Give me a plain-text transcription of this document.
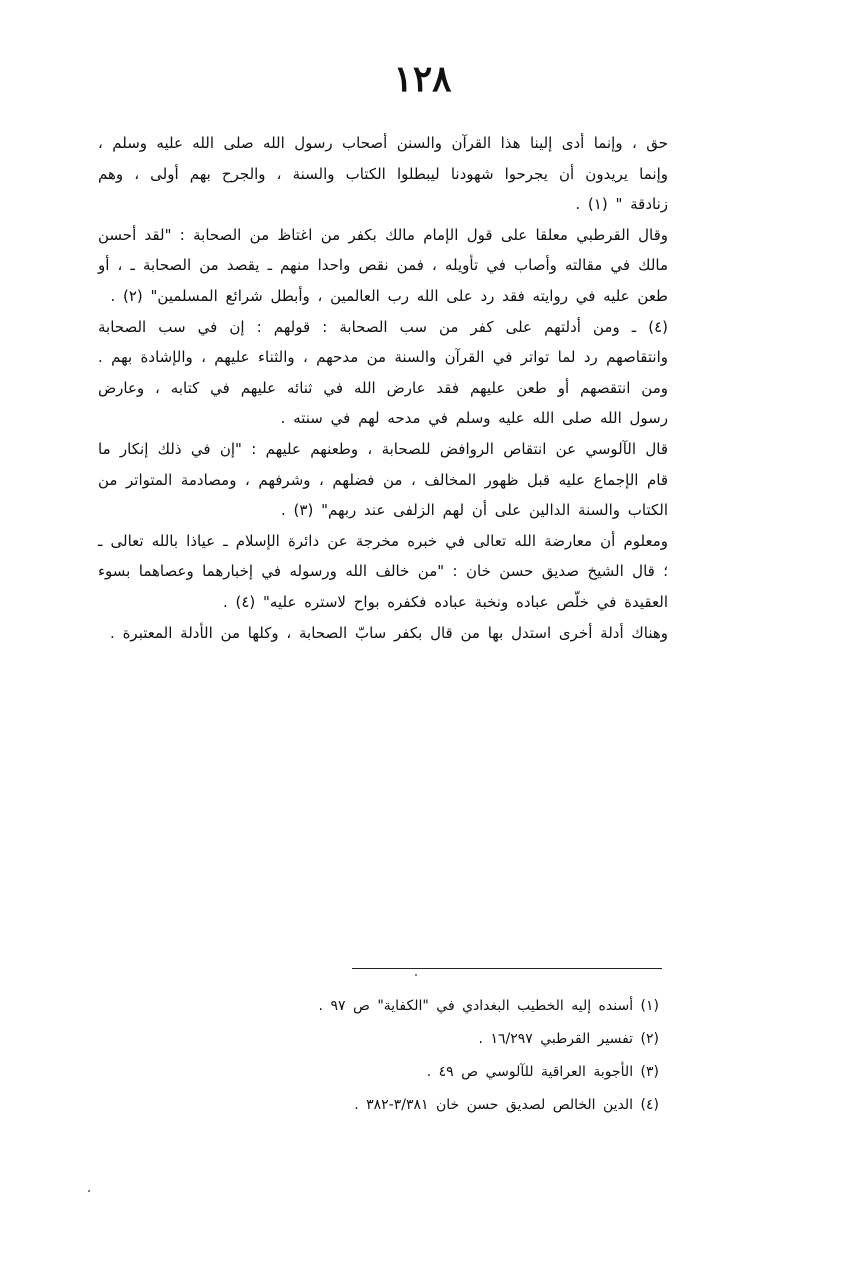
١٢٨

حق ، وإنما أدى إلينا هذا القرآن والسنن أصحاب رسول الله صلى الله عليه وسلم ، وإنما يريدون أن يجرحوا شهودنا ليبطلوا الكتاب والسنة ، والجرح بهم أولى ، وهم زنادقة " (١) .

وقال القرطبي معلقا على قول الإمام مالك بكفر من اغتاظ من الصحابة : "لقد أحسن مالك في مقالته وأصاب في تأويله ، فمن نقص واحدا منهم ـ يقصد من الصحابة ـ ، أو طعن عليه في روايته فقد رد على الله رب العالمين ، وأبطل شرائع المسلمين" (٢) .

(٤) ـ ومن أدلتهم على كفر من سب الصحابة : قولهم : إن في سب الصحابة وانتقاصهم رد لما تواتر في القرآن والسنة من مدحهم ، والثناء عليهم ، والإشادة بهم . ومن انتقصهم أو طعن عليهم فقد عارض الله في ثنائه عليهم في كتابه ، وعارض رسول الله صلى الله عليه وسلم في مدحه لهم في سنته .

قال الآلوسي عن انتقاص الروافض للصحابة ، وطعنهم عليهم : "إن في ذلك إنكار ما قام الإجماع عليه قبل ظهور المخالف ، من فضلهم ، وشرفهم ، ومصادمة المتواتر من الكتاب والسنة الدالين على أن لهم الزلفى عند ربهم" (٣) .

ومعلوم أن معارضة الله تعالى في خبره مخرجة عن دائرة الإسلام ـ عياذا بالله تعالى ـ ؛ قال الشيخ صديق حسن خان : "من خالف الله ورسوله في إخبارهما وعصاهما بسوء العقيدة في خلّص عباده ونخبة عباده فكفره بواح لاستره عليه" (٤) .

وهناك أدلة أخرى استدل بها من قال بكفر سابّ الصحابة ، وكلها من الأدلة المعتبرة .

(١) أسنده إليه الخطيب البغدادي في "الكفاية" ص ٩٧ .
(٢) تفسير القرطبي ١٦/٢٩٧ .
(٣) الأجوبة العراقية للآلوسي ص ٤٩ .
(٤) الدين الخالص لصديق حسن خان ٣/٣٨١-٣٨٢ .
